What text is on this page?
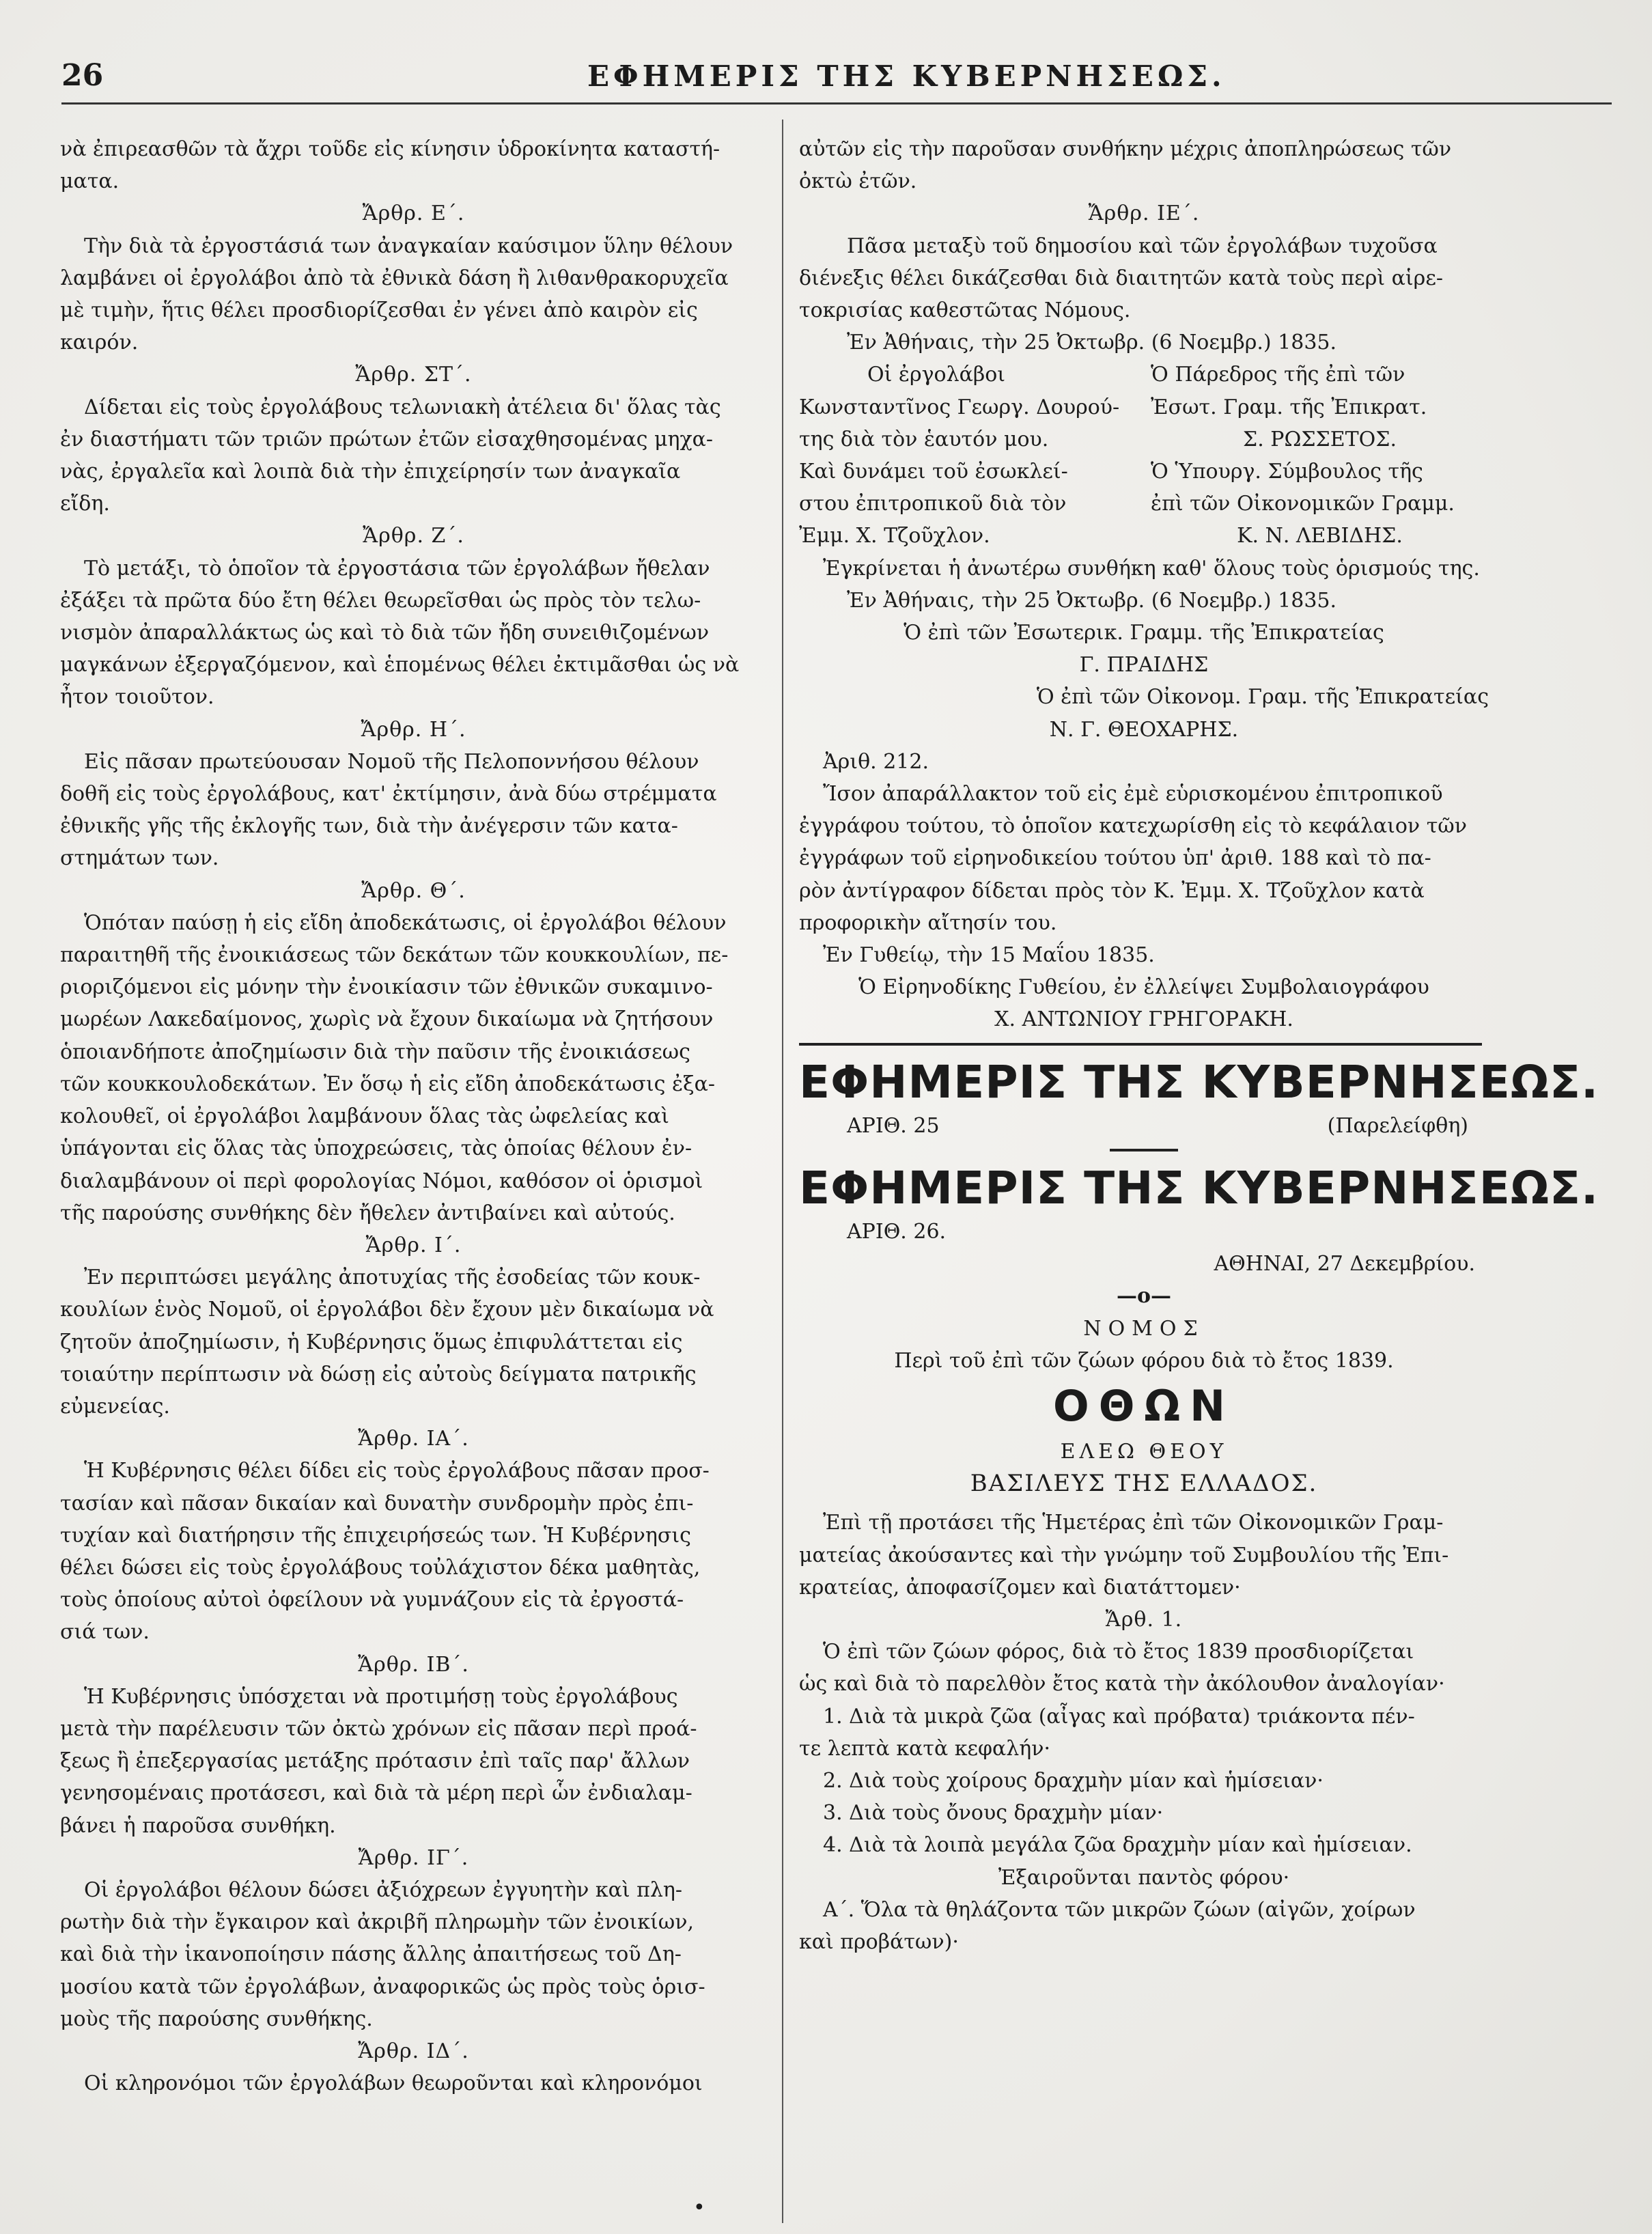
26	ΕΦΗΜΕΡΙΣ ΤΗΣ ΚΥΒΕΡΝΗΣΕΩΣ.
νὰ ἐπιρεασθῶν τὰ ἄχρι τοῦδε εἰς κίνησιν ὑδροκίνητα καταστή-
ματα.
Ἄρθρ. Ε΄.
Τὴν διὰ τὰ ἐργοστάσιά των ἀναγκαίαν καύσιμον ὕλην θέλουν
λαμβάνει οἱ ἐργολάβοι ἀπὸ τὰ ἐθνικὰ δάση ἢ λιθανθρακορυχεῖα
μὲ τιμὴν, ἥτις θέλει προσδιορίζεσθαι ἐν γένει ἀπὸ καιρὸν εἰς
καιρόν.
Ἄρθρ. ΣΤ΄.
Δίδεται εἰς τοὺς ἐργολάβους τελωνιακὴ ἀτέλεια δι' ὅλας τὰς
ἐν διαστήματι τῶν τριῶν πρώτων ἐτῶν εἰσαχθησομένας μηχα-
νὰς, ἐργαλεῖα καὶ λοιπὰ διὰ τὴν ἐπιχείρησίν των ἀναγκαῖα
εἴδη.
Ἄρθρ. Ζ΄.
Τὸ μετάξι, τὸ ὁποῖον τὰ ἐργοστάσια τῶν ἐργολάβων ἤθελαν
ἐξάξει τὰ πρῶτα δύο ἔτη θέλει θεωρεῖσθαι ὡς πρὸς τὸν τελω-
νισμὸν ἀπαραλλάκτως ὡς καὶ τὸ διὰ τῶν ἤδη συνειθιζομένων
μαγκάνων ἐξεργαζόμενον, καὶ ἑπομένως θέλει ἐκτιμᾶσθαι ὡς νὰ
ἦτον τοιοῦτον.
Ἄρθρ. Η΄.
Εἰς πᾶσαν πρωτεύουσαν Νομοῦ τῆς Πελοποννήσου θέλουν
δοθῆ εἰς τοὺς ἐργολάβους, κατ' ἐκτίμησιν, ἀνὰ δύω στρέμματα
ἐθνικῆς γῆς τῆς ἐκλογῆς των, διὰ τὴν ἀνέγερσιν τῶν κατα-
στημάτων των.
Ἄρθρ. Θ΄.
Ὁπόταν παύσῃ ἡ εἰς εἴδη ἀποδεκάτωσις, οἱ ἐργολάβοι θέλουν
παραιτηθῆ τῆς ἐνοικιάσεως τῶν δεκάτων τῶν κουκκουλίων, πε-
ριοριζόμενοι εἰς μόνην τὴν ἐνοικίασιν τῶν ἐθνικῶν συκαμινο-
μωρέων Λακεδαίμονος, χωρὶς νὰ ἔχουν δικαίωμα νὰ ζητήσουν
ὁποιανδήποτε ἀποζημίωσιν διὰ τὴν παῦσιν τῆς ἐνοικιάσεως
τῶν κουκκουλοδεκάτων. Ἐν ὅσῳ ἡ εἰς εἴδη ἀποδεκάτωσις ἐξα-
κολουθεῖ, οἱ ἐργολάβοι λαμβάνουν ὅλας τὰς ὠφελείας καὶ
ὑπάγονται εἰς ὅλας τὰς ὑποχρεώσεις, τὰς ὁποίας θέλουν ἐν-
διαλαμβάνουν οἱ περὶ φορολογίας Νόμοι, καθόσον οἱ ὁρισμοὶ
τῆς παρούσης συνθήκης δὲν ἤθελεν ἀντιβαίνει καὶ αὐτούς.
Ἄρθρ. Ι΄.
Ἐν περιπτώσει μεγάλης ἀποτυχίας τῆς ἐσοδείας τῶν κουκ-
κουλίων ἑνὸς Νομοῦ, οἱ ἐργολάβοι δὲν ἔχουν μὲν δικαίωμα νὰ
ζητοῦν ἀποζημίωσιν, ἡ Κυβέρνησις ὅμως ἐπιφυλάττεται εἰς
τοιαύτην περίπτωσιν νὰ δώσῃ εἰς αὐτοὺς δείγματα πατρικῆς
εὐμενείας.
Ἄρθρ. ΙΑ΄.
Ἡ Κυβέρνησις θέλει δίδει εἰς τοὺς ἐργολάβους πᾶσαν προσ-
τασίαν καὶ πᾶσαν δικαίαν καὶ δυνατὴν συνδρομὴν πρὸς ἐπι-
τυχίαν καὶ διατήρησιν τῆς ἐπιχειρήσεώς των. Ἡ Κυβέρνησις
θέλει δώσει εἰς τοὺς ἐργολάβους τοὐλάχιστον δέκα μαθητὰς,
τοὺς ὁποίους αὐτοὶ ὀφείλουν νὰ γυμνάζουν εἰς τὰ ἐργοστά-
σιά των.
Ἄρθρ. ΙΒ΄.
Ἡ Κυβέρνησις ὑπόσχεται νὰ προτιμήσῃ τοὺς ἐργολάβους
μετὰ τὴν παρέλευσιν τῶν ὀκτὼ χρόνων εἰς πᾶσαν περὶ προά-
ξεως ἢ ἐπεξεργασίας μετάξης πρότασιν ἐπὶ ταῖς παρ' ἄλλων
γενησομέναις προτάσεσι, καὶ διὰ τὰ μέρη περὶ ὧν ἐνδιαλαμ-
βάνει ἡ παροῦσα συνθήκη.
Ἄρθρ. ΙΓ΄.
Οἱ ἐργολάβοι θέλουν δώσει ἀξιόχρεων ἐγγυητὴν καὶ πλη-
ρωτὴν διὰ τὴν ἔγκαιρον καὶ ἀκριβῆ πληρωμὴν τῶν ἐνοικίων,
καὶ διὰ τὴν ἱκανοποίησιν πάσης ἄλλης ἀπαιτήσεως τοῦ Δη-
μοσίου κατὰ τῶν ἐργολάβων, ἀναφορικῶς ὡς πρὸς τοὺς ὁρισ-
μοὺς τῆς παρούσης συνθήκης.
Ἄρθρ. ΙΔ΄.
Οἱ κληρονόμοι τῶν ἐργολάβων θεωροῦνται καὶ κληρονόμοι
αὐτῶν εἰς τὴν παροῦσαν συνθήκην μέχρις ἀποπληρώσεως τῶν
ὀκτὼ ἐτῶν.
Ἄρθρ. ΙΕ΄.
Πᾶσα μεταξὺ τοῦ δημοσίου καὶ τῶν ἐργολάβων τυχοῦσα
διένεξις θέλει δικάζεσθαι διὰ διαιτητῶν κατὰ τοὺς περὶ αἱρε-
τοκρισίας καθεστῶτας Νόμους.
Ἐν Ἀθήναις, τὴν 25 Ὀκτωβρ. (6 Νοεμβρ.) 1835.
Οἱ ἐργολάβοι	Ὁ Πάρεδρος τῆς ἐπὶ τῶν
Κωνσταντῖνος Γεωργ. Δουρού-	Ἐσωτ. Γραμ. τῆς Ἐπικρατ.
της διὰ τὸν ἑαυτόν μου.	Σ. ΡΩΣΣΕΤΟΣ.
Καὶ δυνάμει τοῦ ἐσωκλεί-	Ὁ Ὑπουργ. Σύμβουλος τῆς
στου ἐπιτροπικοῦ διὰ τὸν	ἐπὶ τῶν Οἰκονομικῶν Γραμμ.
Ἐμμ. Χ. Τζοῦχλον.	Κ. Ν. ΛΕΒΙΔΗΣ.
Ἐγκρίνεται ἡ ἀνωτέρω συνθήκη καθ' ὅλους τοὺς ὁρισμούς της.
Ἐν Ἀθήναις, τὴν 25 Ὀκτωβρ. (6 Νοεμβρ.) 1835.
Ὁ ἐπὶ τῶν Ἐσωτερικ. Γραμμ. τῆς Ἐπικρατείας
Γ. ΠΡΑΙΔΗΣ
Ὁ ἐπὶ τῶν Οἰκονομ. Γραμ. τῆς Ἐπικρατείας
Ν. Γ. ΘΕΟΧΑΡΗΣ.
Ἀριθ. 212.
Ἴσον ἀπαράλλακτον τοῦ εἰς ἐμὲ εὑρισκομένου ἐπιτροπικοῦ
ἐγγράφου τούτου, τὸ ὁποῖον κατεχωρίσθη εἰς τὸ κεφάλαιον τῶν
ἐγγράφων τοῦ εἰρηνοδικείου τούτου ὑπ' ἀριθ. 188 καὶ τὸ πα-
ρὸν ἀντίγραφον δίδεται πρὸς τὸν Κ. Ἐμμ. Χ. Τζοῦχλον κατὰ
προφορικὴν αἴτησίν του.
Ἐν Γυθείῳ, τὴν 15 Μαΐου 1835.
Ὁ Εἰρηνοδίκης Γυθείου, ἐν ἐλλείψει Συμβολαιογράφου
Χ. ΑΝΤΩΝΙΟΥ ΓΡΗΓΟΡΑΚΗ.
ΕΦΗΜΕΡΙΣ ΤΗΣ ΚΥΒΕΡΝΗΣΕΩΣ.
ΑΡΙΘ. 25	(Παρελείφθη)
ΕΦΗΜΕΡΙΣ ΤΗΣ ΚΥΒΕΡΝΗΣΕΩΣ.
ΑΡΙΘ. 26.
ΑΘΗΝΑΙ, 27 Δεκεμβρίου.
—o—
ΝΟΜΟΣ
Περὶ τοῦ ἐπὶ τῶν ζώων φόρου διὰ τὸ ἔτος 1839.
ΟΘΩΝ
ΕΛΕΩ ΘΕΟΥ
ΒΑΣΙΛΕΥΣ ΤΗΣ ΕΛΛΑΔΟΣ.
Ἐπὶ τῇ προτάσει τῆς Ἡμετέρας ἐπὶ τῶν Οἰκονομικῶν Γραμ-
ματείας ἀκούσαντες καὶ τὴν γνώμην τοῦ Συμβουλίου τῆς Ἐπι-
κρατείας, ἀποφασίζομεν καὶ διατάττομεν·
Ἄρθ. 1.
Ὁ ἐπὶ τῶν ζώων φόρος, διὰ τὸ ἔτος 1839 προσδιορίζεται
ὡς καὶ διὰ τὸ παρελθὸν ἔτος κατὰ τὴν ἀκόλουθον ἀναλογίαν·
1. Διὰ τὰ μικρὰ ζῶα (αἶγας καὶ πρόβατα) τριάκοντα πέν-
τε λεπτὰ κατὰ κεφαλήν·
2. Διὰ τοὺς χοίρους δραχμὴν μίαν καὶ ἡμίσειαν·
3. Διὰ τοὺς ὄνους δραχμὴν μίαν·
4. Διὰ τὰ λοιπὰ μεγάλα ζῶα δραχμὴν μίαν καὶ ἡμίσειαν.
Ἐξαιροῦνται παντὸς φόρου·
Α΄. Ὅλα τὰ θηλάζοντα τῶν μικρῶν ζώων (αἰγῶν, χοίρων
καὶ προβάτων)·
•
